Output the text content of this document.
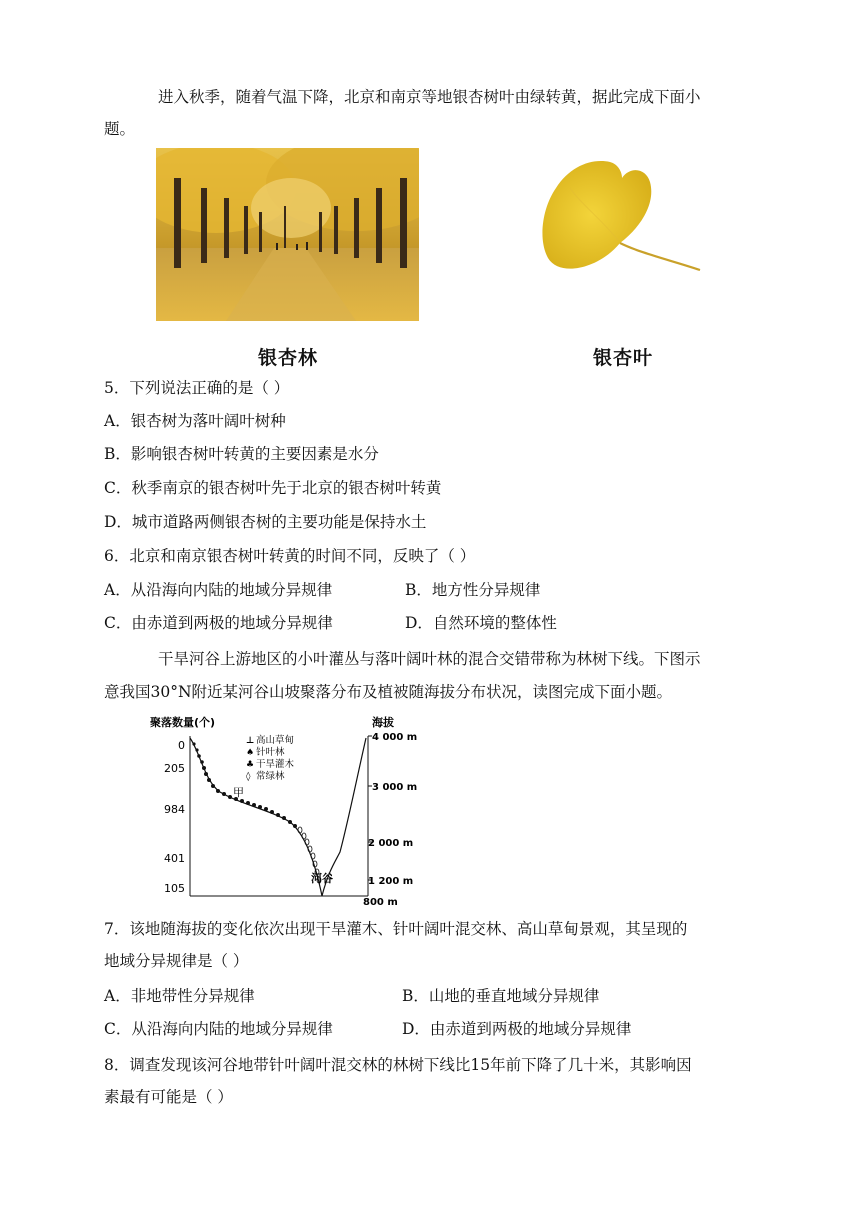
进入秋季，随着气温下降，北京和南京等地银杏树叶由绿转黄，据此完成下面小
题。
银杏林	银杏叶
5．下列说法正确的是（ ）
A．银杏树为落叶阔叶树种
B．影响银杏树叶转黄的主要因素是水分
C．秋季南京的银杏树叶先于北京的银杏树叶转黄
D．城市道路两侧银杏树的主要功能是保持水土
6．北京和南京银杏树叶转黄的时间不同，反映了（ ）
A．从沿海向内陆的地域分异规律	B．地方性分异规律
C．由赤道到两极的地域分异规律	D．自然环境的整体性
干旱河谷上游地区的小叶灌丛与落叶阔叶林的混合交错带称为林树下线。下图示
意我国30°N附近某河谷山坡聚落分布及植被随海拔分布状况，读图完成下面小题。
聚落数量(个)	海拔
0
205
984
401
105
4 000 m
3 000 m
2 000 m
1 200 m
800 m
甲
河谷
⊥ 高山草甸
♠ 针叶林
♣ 干旱灌木
◊ 常绿林
7．该地随海拔的变化依次出现干旱灌木、针叶阔叶混交林、高山草甸景观，其呈现的
地域分异规律是（ ）
A．非地带性分异规律	B．山地的垂直地域分异规律
C．从沿海向内陆的地域分异规律	D．由赤道到两极的地域分异规律
8．调查发现该河谷地带针叶阔叶混交林的林树下线比15年前下降了几十米，其影响因
素最有可能是（ ）
